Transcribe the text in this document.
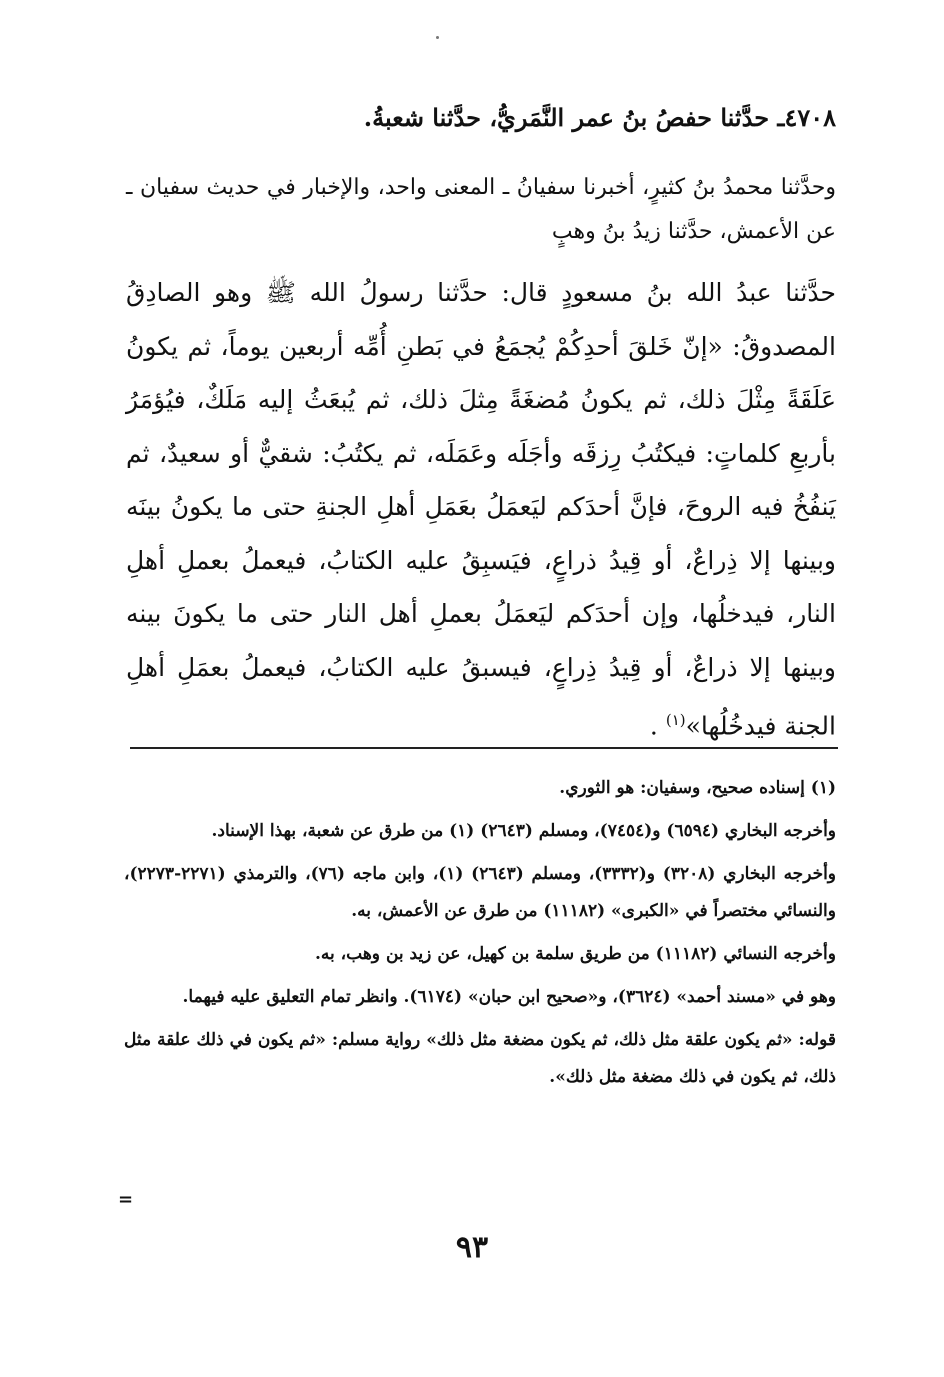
٤٧٠٨ـ حدَّثنا حفصُ بنُ عمر النَّمَريُّ، حدَّثنا شعبةُ.

وحدَّثنا محمدُ بنُ كثيرٍ، أخبرنا سفيانُ ـ المعنى واحد، والإخبار في حديث سفيان ـ عن الأعمش، حدَّثنا زيدُ بنُ وهبٍ

حدَّثنا عبدُ الله بنُ مسعودٍ قال: حدَّثنا رسولُ الله ﷺ وهو الصادِقُ المصدوقُ: «إنّ خَلقَ أحدِكُمْ يُجمَعُ في بَطنِ أُمِّه أربعين يوماً، ثم يكونُ عَلَقَةً مِثْلَ ذلك، ثم يكونُ مُضغَةً مِثلَ ذلك، ثم يُبعَثُ إليه مَلَكٌ، فيُؤمَرُ بأربعِ كلماتٍ: فيكتُبُ رِزقَه وأجَلَه وعَمَلَه، ثم يكتُبُ: شقيٌّ أو سعيدٌ، ثم يَنفُخُ فيه الروحَ، فإنَّ أحدَكم ليَعمَلُ بعَمَلِ أهلِ الجنةِ حتى ما يكونُ بينَه وبينها إلا ذِراعٌ، أو قِيدُ ذراعٍ، فيَسبِقُ عليه الكتابُ، فيعملُ بعملِ أهلِ النار، فيدخلُها، وإن أحدَكم ليَعمَلُ بعملِ أهل النار حتى ما يكونَ بينه وبينها إلا ذراعٌ، أو قِيدُ ذِراعٍ، فيسبقُ عليه الكتابُ، فيعملُ بعمَلِ أهلِ الجنة فيدخُلُها»$^{(١)}$ .

(١) إسناده صحيح، وسفيان: هو الثوري.

وأخرجه البخاري (٦٥٩٤) و(٧٤٥٤)، ومسلم (٢٦٤٣) (١) من طرق عن شعبة، بهذا الإسناد.

وأخرجه البخاري (٣٢٠٨) و(٣٣٣٢)، ومسلم (٢٦٤٣) (١)، وابن ماجه (٧٦)، والترمذي (٢٢٧١-٢٢٧٣)، والنسائي مختصراً في «الكبرى» (١١١٨٢) من طرق عن الأعمش، به.

وأخرجه النسائي (١١١٨٢) من طريق سلمة بن كهيل، عن زيد بن وهب، به.

وهو في «مسند أحمد» (٣٦٢٤)، و«صحيح ابن حبان» (٦١٧٤). وانظر تمام التعليق عليه فيهما.

قوله: «ثم يكون علقة مثل ذلك، ثم يكون مضغة مثل ذلك» رواية مسلم: «ثم يكون في ذلك علقة مثل ذلك، ثم يكون في ذلك مضغة مثل ذلك».

=
٩٣
